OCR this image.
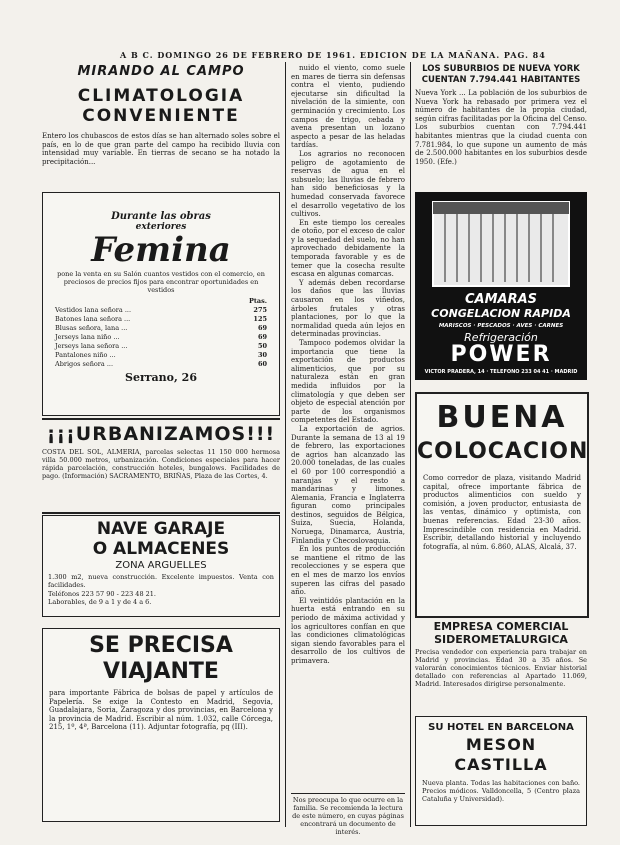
A B C. DOMINGO 26 DE FEBRERO DE 1961. EDICION DE LA MAÑANA. PAG. 84
MIRANDO AL CAMPO
CLIMATOLOGIA
CONVENIENTE
Entero los chubascos de estos días se han alternado soles sobre el país, en lo de que gran parte del campo ha recibido lluvia con intensidad muy variable. En tierras de secano se ha notado la precipitación...
Durante las obras
exteriores
Femina
pone la venta en su Salón cuantos vestidos con el comercio, en preciosos de precios fijos para encontrar oportunidades en vestidos
Ptas.
Vestidos lana señora ...	275
Batones lana señora ...	125
Blusas señora, lana ...	69
Jerseys lana niño ...	69
Jerseys lana señora ...	50
Pantalones niño ...	30
Abrigos señora ...	60
Serrano, 26
¡¡¡URBANIZAMOS!!!
COSTA DEL SOL, ALMERIA, parcelas selectas 11 150 000 hermosa villa 50.000 metros, urbanización. Condiciones especiales para hacer rápida parcelación, construcción hoteles, bungalows. Facilidades de pago. (Información) SACRAMENTO, BRIÑAS, Plaza de las Cortes, 4.
NAVE GARAJE
O ALMACENES
ZONA ARGUELLES
1.300 m2, nueva construcción. Excelente impuestos. Venta con facilidades.
Teléfonos 223 57 90 - 223 48 21.
Laborables, de 9 a 1 y de 4 a 6.
SE PRECISA
VIAJANTE
para importante Fábrica de bolsas de papel y artículos de Papelería. Se exige la Contesto en Madrid, Segovia, Guadalajara, Soria, Zaragoza y dos provincias, en Barcelona y la provincia de Madrid. Escribir al núm. 1.032, calle Córcega, 215, 1º, 4ª, Barcelona (11). Adjuntar fotografía, pq (III).
nuido el viento, como suele en mares de tierra sin defensas contra el viento, pudiendo ejecutarse sin dificultad la nivelación de la simiente, con germinación y crecimiento. Los campos de trigo, cebada y avena presentan un lozano aspecto a pesar de las heladas tardías.
Los agrarios no reconocen peligro de agotamiento de reservas de agua en el subsuelo; las lluvias de febrero han sido beneficiosas y la humedad conservada favorece el desarrollo vegetativo de los cultivos.
En este tiempo los cereales de otoño, por el exceso de calor y la sequedad del suelo, no han aprovechado debidamente la temporada favorable y es de temer que la cosecha resulte escasa en algunas comarcas.
Y además deben recordarse los daños que las lluvias causaron en los viñedos, árboles frutales y otras plantaciones, por lo que la normalidad queda aún lejos en determinadas provincias.
Tampoco podemos olvidar la importancia que tiene la exportación de productos alimenticios, que por su naturaleza están en gran medida influidos por la climatología y que deben ser objeto de especial atención por parte de los organismos competentes del Estado.
La exportación de agrios. Durante la semana de 13 al 19 de febrero, las exportaciones de agrios han alcanzado las 20.000 toneladas, de las cuales el 60 por 100 correspondió a naranjas y el resto a mandarinas y limones. Alemania, Francia e Inglaterra figuran como principales destinos, seguidos de Bélgica, Suiza, Suecia, Holanda, Noruega, Dinamarca, Austria, Finlandia y Checoslovaquia.
En los puntos de producción se mantiene el ritmo de las recolecciones y se espera que en el mes de marzo los envíos superen las cifras del pasado año.
El veintidós plantación en la huerta está entrando en su periodo de máxima actividad y los agricultores confían en que las condiciones climatológicas sigan siendo favorables para el desarrollo de los cultivos de primavera.
Nos preocupa lo que ocurre en la familia. Se recomienda la lectura de este número, en cuyas páginas encontrará un documento de interés.
LOS SUBURBIOS DE NUEVA YORK
CUENTAN 7.794.441 HABITANTES
Nueva York ... La población de los suburbios de Nueva York ha rebasado por primera vez el número de habitantes de la propia ciudad, según cifras facilitadas por la Oficina del Censo. Los suburbios cuentan con 7.794.441 habitantes mientras que la ciudad cuenta con 7.781.984, lo que supone un aumento de más de 2.500.000 habitantes en los suburbios desde 1950. (Efe.)
CAMARAS
CONGELACION RAPIDA
MARISCOS · PESCADOS · AVES · CARNES
Refrigeración
POWER
VICTOR PRADERA, 14 · TELEFONO 233 04 41 · MADRID
BUENA
COLOCACION
Como corredor de plaza, visitando Madrid capital, ofrece importante fábrica de productos alimenticios con sueldo y comisión, a joven productor, entusiasta de las ventas, dinámico y optimista, con buenas referencias. Edad 23-30 años. Imprescindible con residencia en Madrid. Escribir, detallando historial y incluyendo fotografía, al núm. 6.860, ALAS, Alcalá, 37.
EMPRESA COMERCIAL
SIDEROMETALURGICA
Precisa vendedor con experiencia para trabajar en Madrid y provincias. Edad 30 a 35 años. Se valorarán conocimientos técnicos. Enviar historial detallado con referencias al Apartado 11.069, Madrid. Interesados dirigirse personalmente.
SU HOTEL EN BARCELONA
MESON CASTILLA
Nueva planta. Todas las habitaciones con baño. Precios módicos. Valldoncella, 5 (Centro plaza Cataluña y Universidad).
